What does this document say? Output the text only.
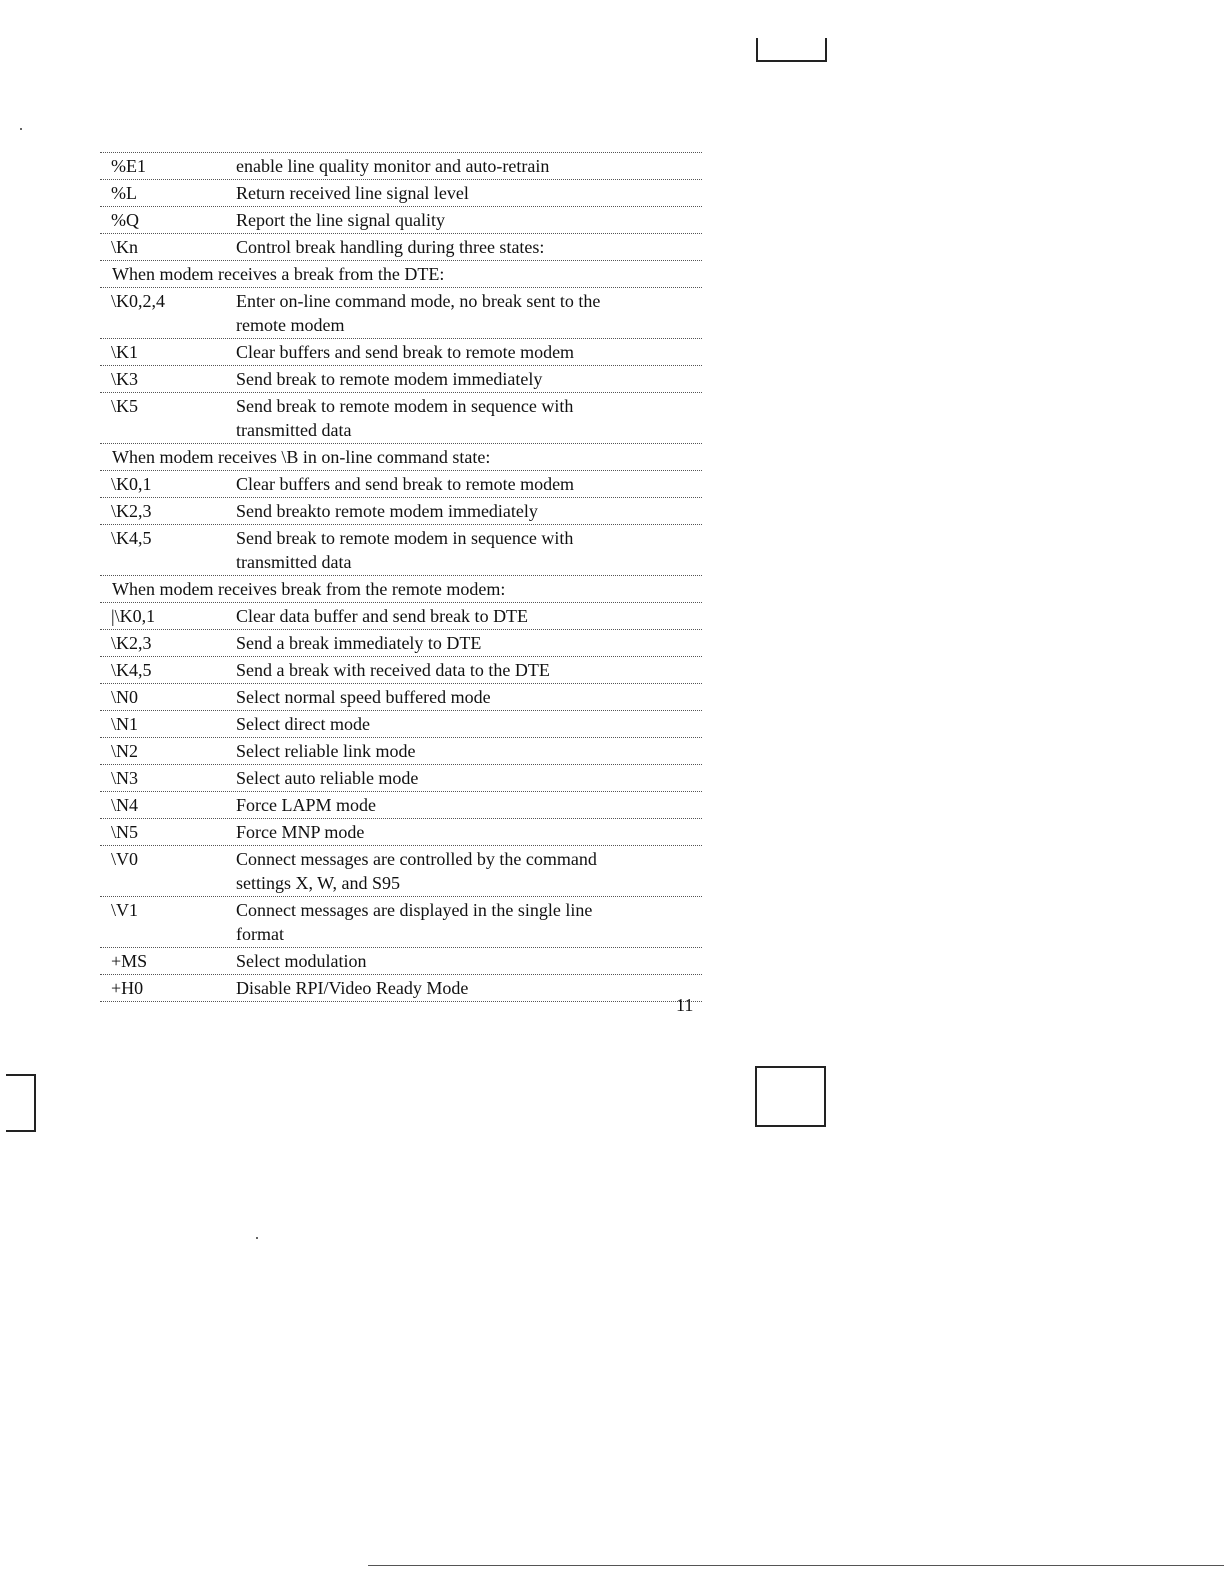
%E1	enable line quality monitor and auto-retrain
%L	Return received line signal level
%Q	Report the line signal quality
\Kn	Control break handling during three states:
When modem receives a break from the DTE:
\K0,2,4	Enter on-line command mode, no break sent to the
remote modem
\K1	Clear buffers and send break to remote modem
\K3	Send break to remote modem immediately
\K5	Send break to remote modem in sequence with
transmitted data
When modem receives \B in on-line command state:
\K0,1	Clear buffers and send break to remote modem
\K2,3	Send breakto remote modem immediately
\K4,5	Send break to remote modem in sequence with
transmitted data
When modem receives break from the remote modem:
|\K0,1	Clear data buffer and send break to DTE
\K2,3	Send a break immediately to DTE
\K4,5	Send a break with received data to the DTE
\N0	Select normal speed buffered mode
\N1	Select direct mode
\N2	Select reliable link mode
\N3	Select auto reliable mode
\N4	Force LAPM mode
\N5	Force MNP mode
\V0	Connect messages are controlled by the command
settings X, W, and S95
\V1	Connect messages are displayed in the single line
format
+MS	Select modulation
+H0	Disable RPI/Video Ready Mode
11
